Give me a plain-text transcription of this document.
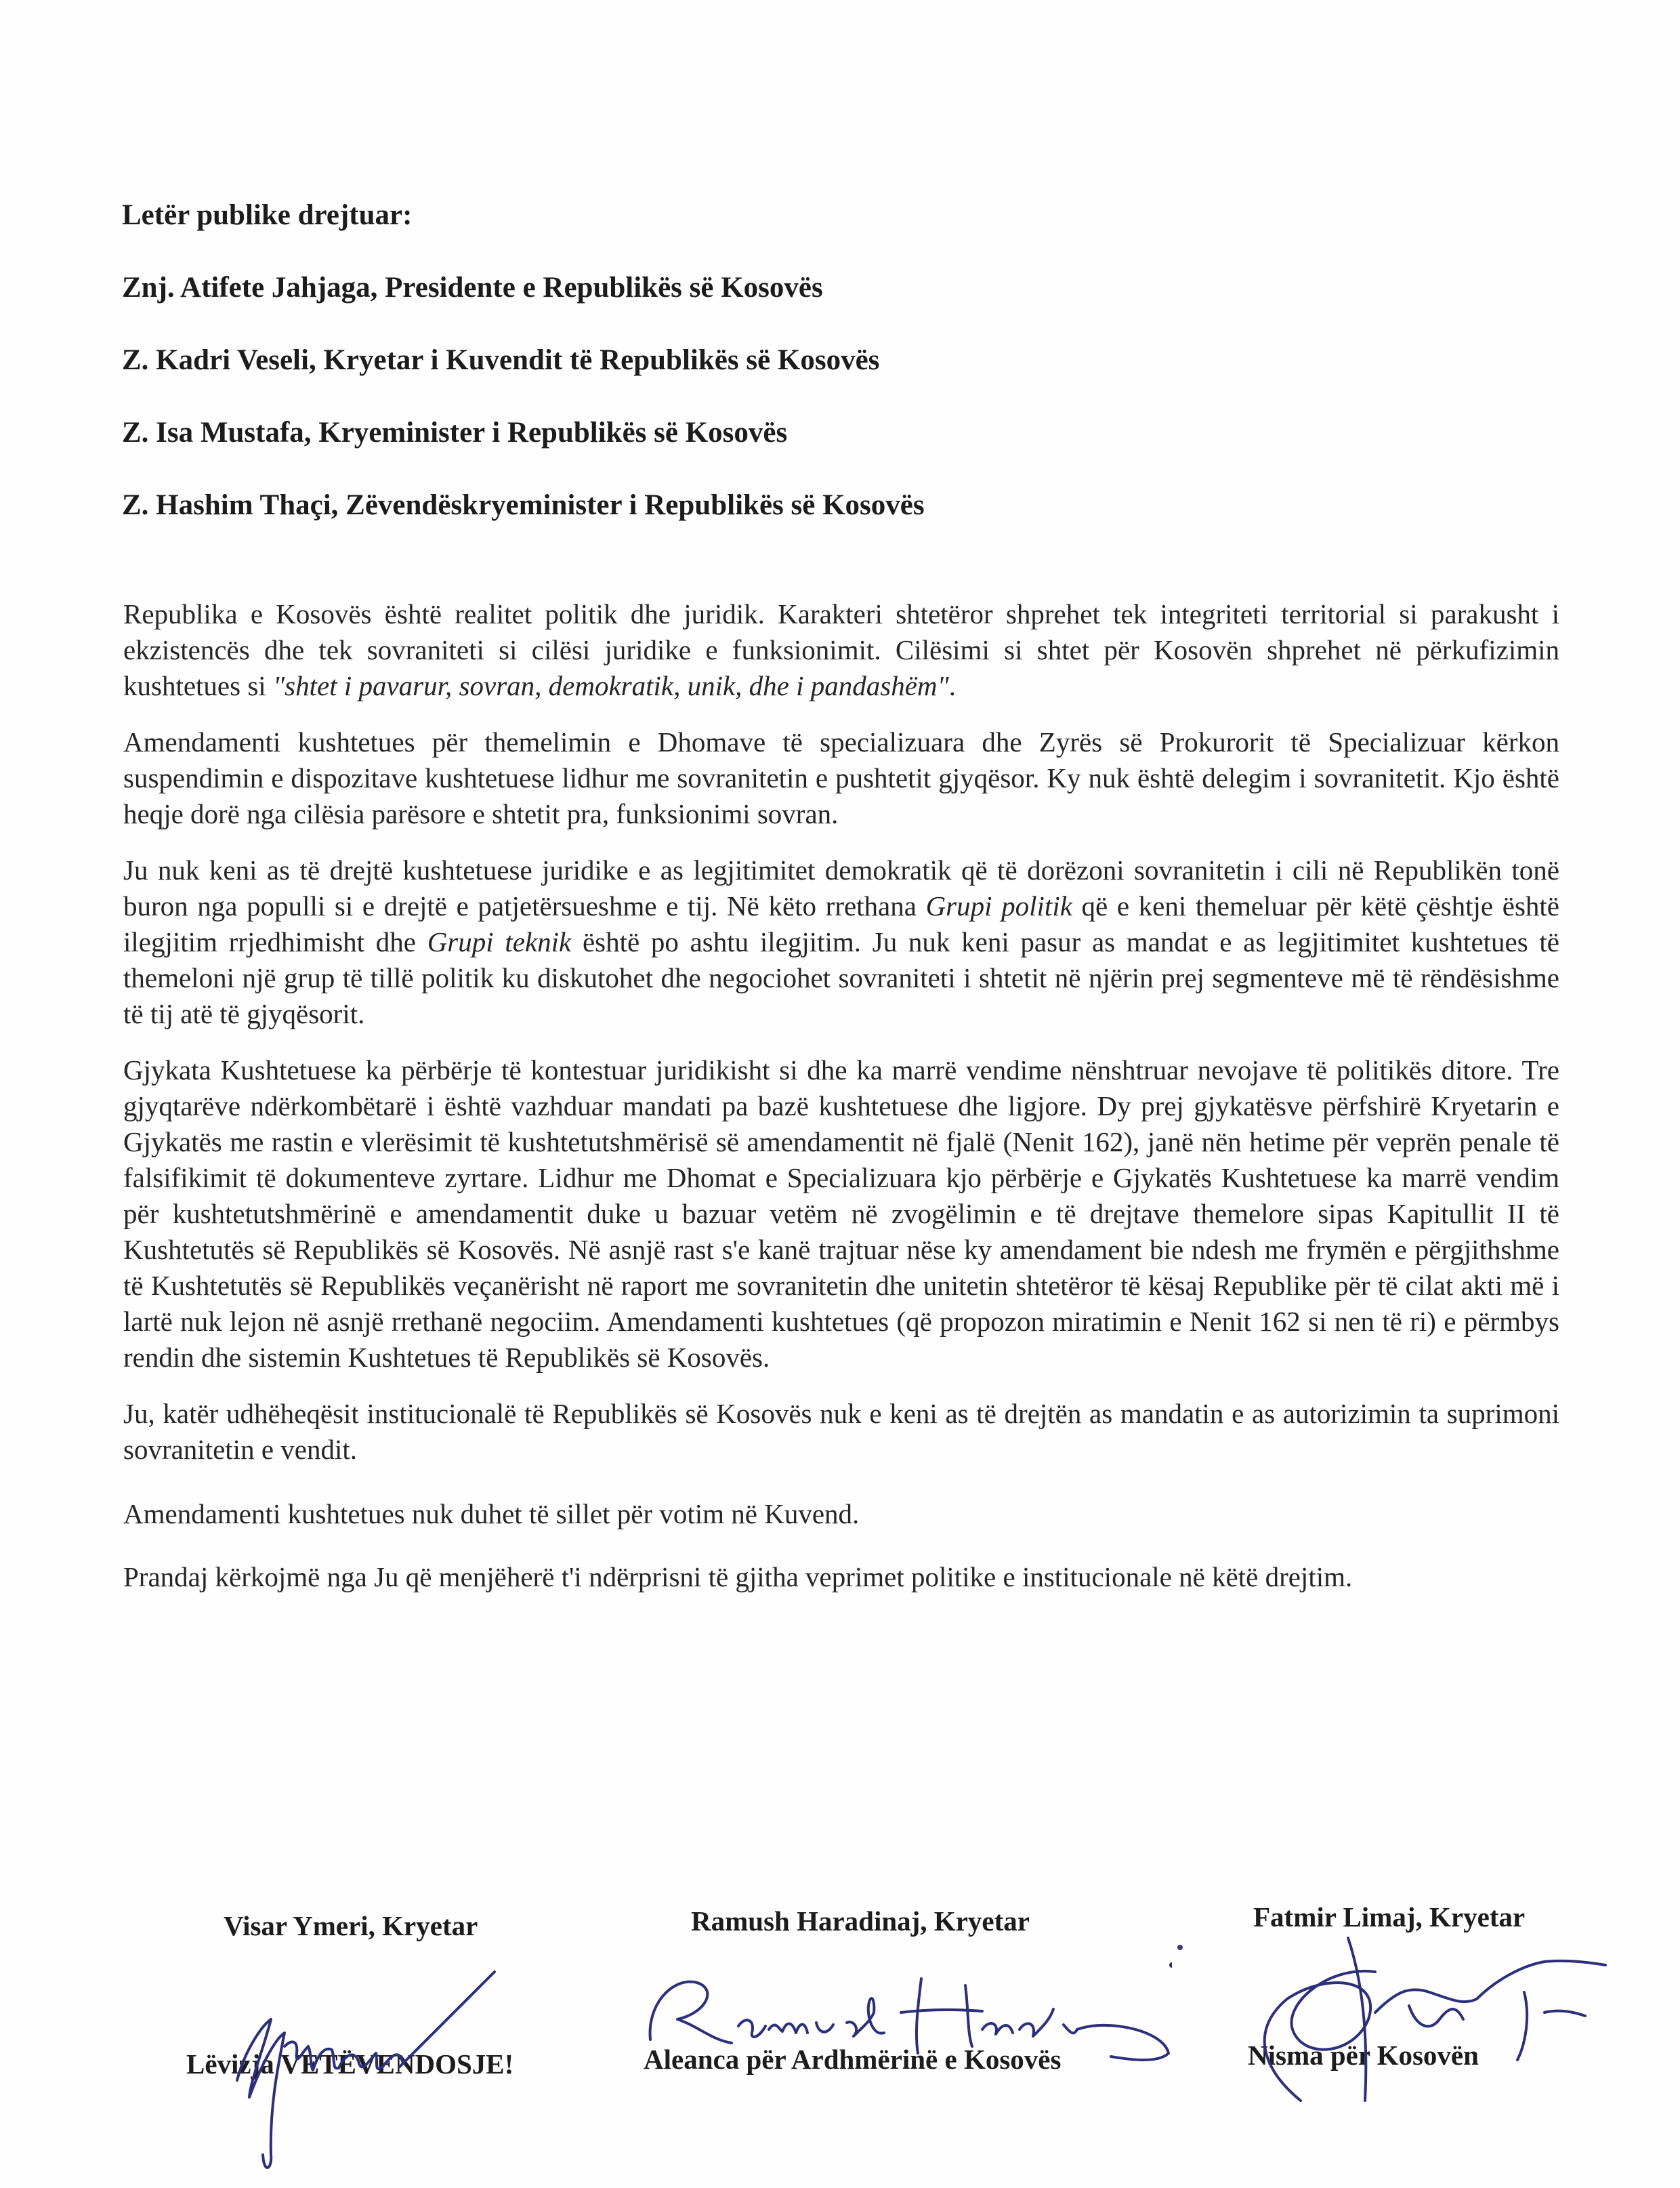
Letër publike drejtuar:
Znj. Atifete Jahjaga, Presidente e Republikës së Kosovës
Z. Kadri Veseli, Kryetar i Kuvendit të Republikës së Kosovës
Z. Isa Mustafa, Kryeminister i Republikës së Kosovës
Z. Hashim Thaçi, Zëvendëskryeminister i Republikës së Kosovës

Republika e Kosovës është realitet politik dhe juridik. Karakteri shtetëror shprehet tek integriteti territorial si parakusht i ekzistencës dhe tek sovraniteti si cilësi juridike e funksionimit. Cilësimi si shtet për Kosovën shprehet në përkufizimin kushtetues si "shtet i pavarur, sovran, demokratik, unik, dhe i pandashëm".

Amendamenti kushtetues për themelimin e Dhomave të specializuara dhe Zyrës së Prokurorit të Specializuar kërkon suspendimin e dispozitave kushtetuese lidhur me sovranitetin e pushtetit gjyqësor. Ky nuk është delegim i sovranitetit. Kjo është heqje dorë nga cilësia parësore e shtetit pra, funksionimi sovran.

Ju nuk keni as të drejtë kushtetuese juridike e as legjitimitet demokratik që të dorëzoni sovranitetin i cili në Republikën tonë buron nga populli si e drejtë e patjetërsueshme e tij. Në këto rrethana Grupi politik që e keni themeluar për këtë çështje është ilegjitim rrjedhimisht dhe Grupi teknik është po ashtu ilegjitim. Ju nuk keni pasur as mandat e as legjitimitet kushtetues të themeloni një grup të tillë politik ku diskutohet dhe negociohet sovraniteti i shtetit në njërin prej segmenteve më të rëndësishme të tij atë të gjyqësorit.

Gjykata Kushtetuese ka përbërje të kontestuar juridikisht si dhe ka marrë vendime nënshtruar nevojave të politikës ditore. Tre gjyqtarëve ndërkombëtarë i është vazhduar mandati pa bazë kushtetuese dhe ligjore. Dy prej gjykatësve përfshirë Kryetarin e Gjykatës me rastin e vlerësimit të kushtetutshmërisë së amendamentit në fjalë (Nenit 162), janë nën hetime për veprën penale të falsifikimit të dokumenteve zyrtare. Lidhur me Dhomat e Specializuara kjo përbërje e Gjykatës Kushtetuese ka marrë vendim për kushtetutshmërinë e amendamentit duke u bazuar vetëm në zvogëlimin e të drejtave themelore sipas Kapitullit II të Kushtetutës së Republikës së Kosovës. Në asnjë rast s'e kanë trajtuar nëse ky amendament bie ndesh me frymën e përgjithshme të Kushtetutës së Republikës veçanërisht në raport me sovranitetin dhe unitetin shtetëror të kësaj Republike për të cilat akti më i lartë nuk lejon në asnjë rrethanë negociim. Amendamenti kushtetues (që propozon miratimin e Nenit 162 si nen të ri) e përmbys rendin dhe sistemin Kushtetues të Republikës së Kosovës.

Ju, katër udhëheqësit institucionalë të Republikës së Kosovës nuk e keni as të drejtën as mandatin e as autorizimin ta suprimoni sovranitetin e vendit.

Amendamenti kushtetues nuk duhet të sillet për votim në Kuvend.

Prandaj kërkojmë nga Ju që menjëherë t'i ndërprisni të gjitha veprimet politike e institucionale në këtë drejtim.

Visar Ymeri, Kryetar
Lëvizja VETËVENDOSJE!
Ramush Haradinaj, Kryetar
Aleanca për Ardhmërinë e Kosovës
Fatmir Limaj, Kryetar
Nisma për Kosovën
